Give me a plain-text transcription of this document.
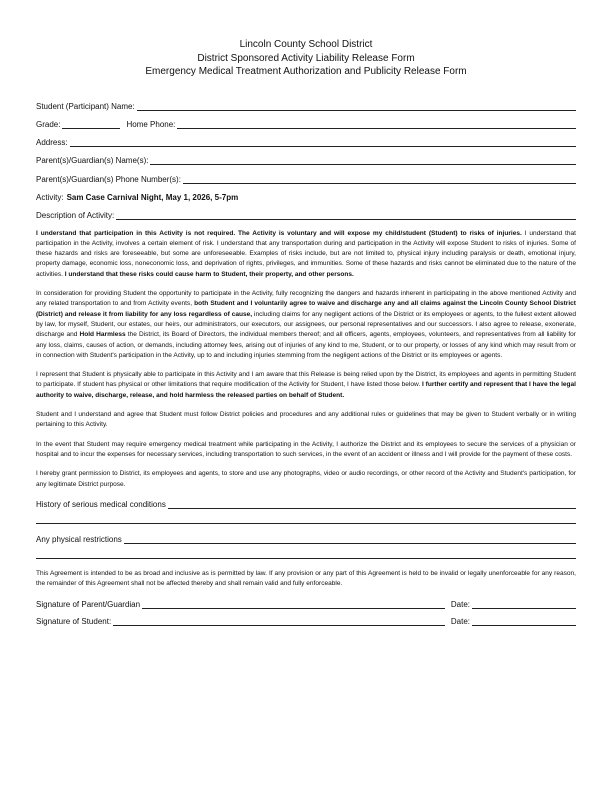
Lincoln County School District
District Sponsored Activity Liability Release Form
Emergency Medical Treatment Authorization and Publicity Release Form
Student (Participant) Name:
Grade:	Home Phone:
Address:
Parent(s)/Guardian(s) Name(s):
Parent(s)/Guardian(s) Phone Number(s):
Activity: Sam Case Carnival Night, May 1, 2026, 5-7pm
Description of Activity:

I understand that participation in this Activity is not required. The Activity is voluntary and will expose my child/student (Student) to risks of injuries. I understand that participation in the Activity, involves a certain element of risk. I understand that any transportation during and participation in the Activity will expose Student to risks of injuries. Some of these hazards and risks are foreseeable, but some are unforeseeable. Examples of risks include, but are not limited to, physical injury including paralysis or death, emotional injury, property damage, economic loss, noneconomic loss, and deprivation of rights, privileges, and immunities. Some of these hazards and risks cannot be eliminated due to the nature of the activities. I understand that these risks could cause harm to Student, their property, and other persons.

In consideration for providing Student the opportunity to participate in the Activity, fully recognizing the dangers and hazards inherent in participating in the above mentioned Activity and any related transportation to and from Activity events, both Student and I voluntarily agree to waive and discharge any and all claims against the Lincoln County School District (District) and release it from liability for any loss regardless of cause, including claims for any negligent actions of the District or its employees or agents, to the fullest extent allowed by law, for myself, Student, our estates, our heirs, our administrators, our executors, our assignees, our personal representatives and our successors. I also agree to release, exonerate, discharge and Hold Harmless the District, its Board of Directors, the individual members thereof; and all officers, agents, employees, volunteers, and representatives from all liability for any loss, claims, causes of action, or demands, including attorney fees, arising out of injuries of any kind to me, Student, or to our property, or losses of any kind which may result from or in connection with Student's participation in the Activity, up to and including injuries stemming from the negligent actions of the District or its employees or agents.

I represent that Student is physically able to participate in this Activity and I am aware that this Release is being relied upon by the District, its employees and agents in permitting Student to participate. If student has physical or other limitations that require modification of the Activity for Student, I have listed those below. I further certify and represent that I have the legal authority to waive, discharge, release, and hold harmless the released parties on behalf of Student.

Student and I understand and agree that Student must follow District policies and procedures and any additional rules or guidelines that may be given to Student verbally or in writing pertaining to this Activity.

In the event that Student may require emergency medical treatment while participating in the Activity, I authorize the District and its employees to secure the services of a physician or hospital and to incur the expenses for necessary services, including transportation to such services, in the event of an accident or illness and I will provide for the payment of these costs.

I hereby grant permission to District, its employees and agents, to store and use any photographs, video or audio recordings, or other record of the Activity and Student's participation, for any legitimate District purpose.

History of serious medical conditions
Any physical restrictions

This Agreement is intended to be as broad and inclusive as is permitted by law. If any provision or any part of this Agreement is held to be invalid or legally unenforceable for any reason, the remainder of this Agreement shall not be affected thereby and shall remain valid and fully enforceable.

Signature of Parent/Guardian	Date:
Signature of Student:	Date:
